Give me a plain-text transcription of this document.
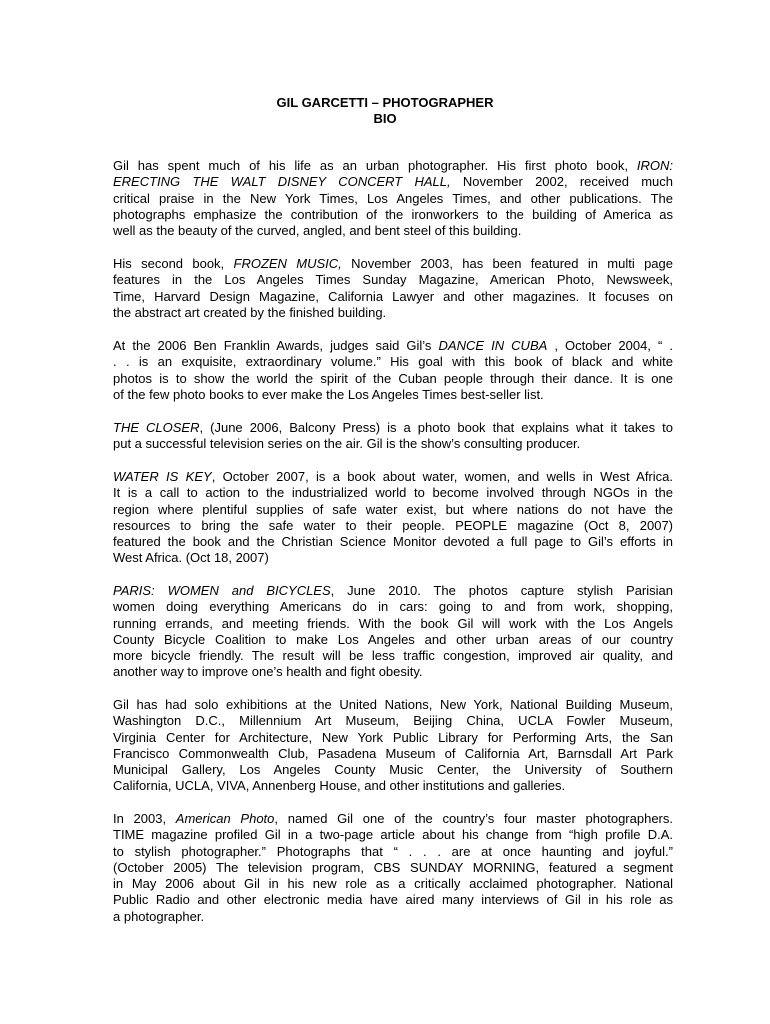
GIL GARCETTI – PHOTOGRAPHER
BIO
Gil has spent much of his life as an urban photographer. His first photo book, IRON:
ERECTING THE WALT DISNEY CONCERT HALL, November 2002, received much
critical praise in the New York Times, Los Angeles Times, and other publications. The
photographs emphasize the contribution of the ironworkers to the building of America as
well as the beauty of the curved, angled, and bent steel of this building.
His second book, FROZEN MUSIC, November 2003, has been featured in multi page
features in the Los Angeles Times Sunday Magazine, American Photo, Newsweek,
Time, Harvard Design Magazine, California Lawyer and other magazines. It focuses on
the abstract art created by the finished building.
At the 2006 Ben Franklin Awards, judges said Gil’s DANCE IN CUBA , October 2004, “ .
. . is an exquisite, extraordinary volume.” His goal with this book of black and white
photos is to show the world the spirit of the Cuban people through their dance. It is one
of the few photo books to ever make the Los Angeles Times best-seller list.
THE CLOSER, (June 2006, Balcony Press) is a photo book that explains what it takes to
put a successful television series on the air. Gil is the show’s consulting producer.
WATER IS KEY, October 2007, is a book about water, women, and wells in West Africa.
It is a call to action to the industrialized world to become involved through NGOs in the
region where plentiful supplies of safe water exist, but where nations do not have the
resources to bring the safe water to their people. PEOPLE magazine (Oct 8, 2007)
featured the book and the Christian Science Monitor devoted a full page to Gil’s efforts in
West Africa. (Oct 18, 2007)
PARIS: WOMEN and BICYCLES, June 2010. The photos capture stylish Parisian
women doing everything Americans do in cars: going to and from work, shopping,
running errands, and meeting friends. With the book Gil will work with the Los Angels
County Bicycle Coalition to make Los Angeles and other urban areas of our country
more bicycle friendly. The result will be less traffic congestion, improved air quality, and
another way to improve one’s health and fight obesity.
Gil has had solo exhibitions at the United Nations, New York, National Building Museum,
Washington D.C., Millennium Art Museum, Beijing China, UCLA Fowler Museum,
Virginia Center for Architecture, New York Public Library for Performing Arts, the San
Francisco Commonwealth Club, Pasadena Museum of California Art, Barnsdall Art Park
Municipal Gallery, Los Angeles County Music Center, the University of Southern
California, UCLA, VIVA, Annenberg House, and other institutions and galleries.
In 2003, American Photo, named Gil one of the country’s four master photographers.
TIME magazine profiled Gil in a two-page article about his change from “high profile D.A.
to stylish photographer.” Photographs that “ . . . are at once haunting and joyful.”
(October 2005) The television program, CBS SUNDAY MORNING, featured a segment
in May 2006 about Gil in his new role as a critically acclaimed photographer. National
Public Radio and other electronic media have aired many interviews of Gil in his role as
a photographer.
